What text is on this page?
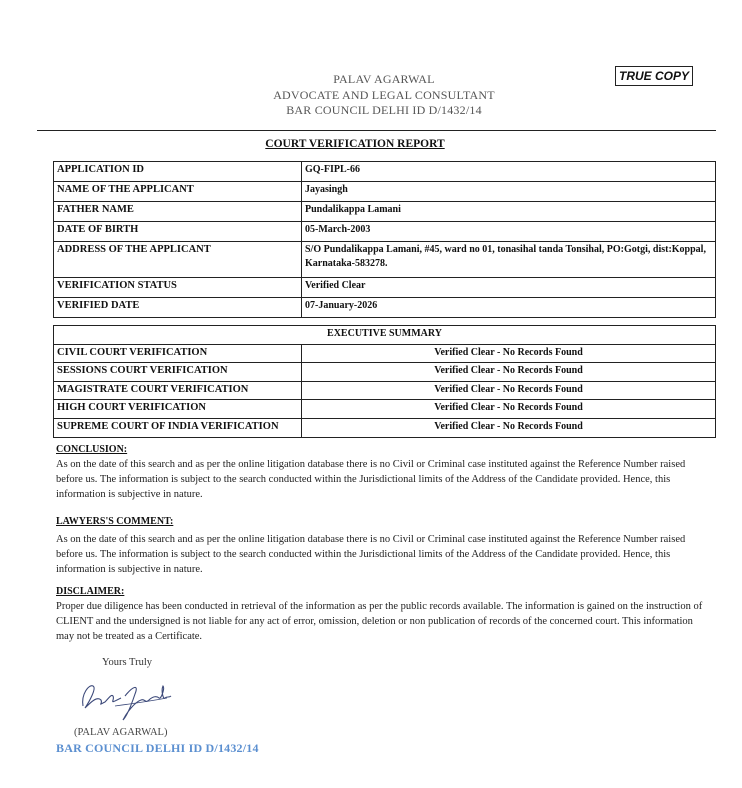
TRUE COPY
PALAV AGARWAL
ADVOCATE AND LEGAL CONSULTANT
BAR COUNCIL DELHI ID D/1432/14
COURT VERIFICATION REPORT
APPLICATION ID	GQ-FIPL-66
NAME OF THE APPLICANT	Jayasingh
FATHER NAME	Pundalikappa Lamani
DATE OF BIRTH	05-March-2003
ADDRESS OF THE APPLICANT	S/O Pundalikappa Lamani, #45, ward no 01, tonasihal tanda Tonsihal, PO:Gotgi, dist:Koppal, Karnataka-583278.
VERIFICATION STATUS	Verified Clear
VERIFIED DATE	07-January-2026
EXECUTIVE SUMMARY	
CIVIL COURT VERIFICATION	Verified Clear - No Records Found
SESSIONS COURT VERIFICATION	Verified Clear - No Records Found
MAGISTRATE COURT VERIFICATION	Verified Clear - No Records Found
HIGH COURT VERIFICATION	Verified Clear - No Records Found
SUPREME COURT OF INDIA VERIFICATION	Verified Clear - No Records Found
CONCLUSION:
As on the date of this search and as per the online litigation database there is no Civil or Criminal case instituted against the Reference Number raised before us. The information is subject to the search conducted within the Jurisdictional limits of the Address of the Candidate provided. Hence, this information is subjective in nature.
LAWYERS'S COMMENT:
As on the date of this search and as per the online litigation database there is no Civil or Criminal case instituted against the Reference Number raised before us. The information is subject to the search conducted within the Jurisdictional limits of the Address of the Candidate provided. Hence, this information is subjective in nature.
DISCLAIMER:
Proper due diligence has been conducted in retrieval of the information as per the public records available. The information is gained on the instruction of CLIENT and the undersigned is not liable for any act of error, omission, deletion or non publication of records of the concerned court. This information may not be treated as a Certificate.
Yours Truly
(PALAV AGARWAL)
BAR COUNCIL DELHI ID D/1432/14
